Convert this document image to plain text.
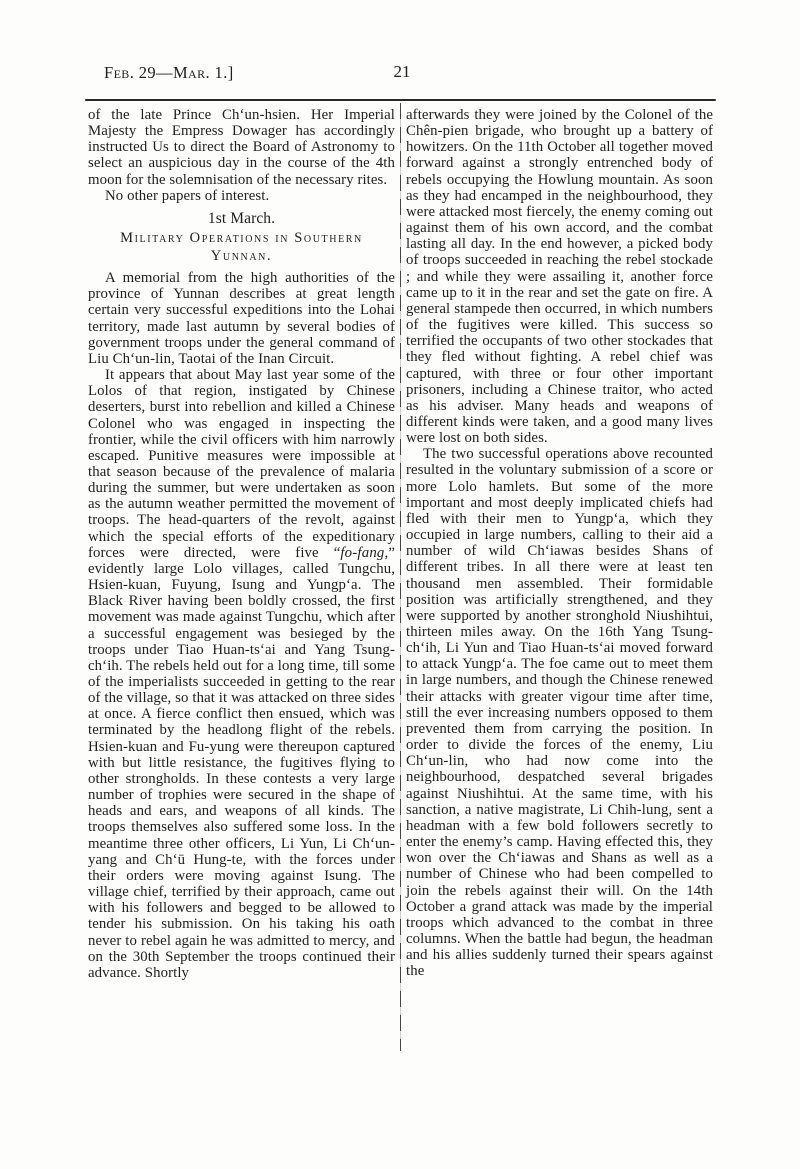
Feb. 29—Mar. 1.]	21

of the late Prince Ch‘un-hsien. Her Imperial Majesty the Empress Dowager has accordingly instructed Us to direct the Board of Astronomy to select an auspicious day in the course of the 4th moon for the solemnisation of the necessary rites.

No other papers of interest.

1st March.

Military Operations in Southern
Yunnan.

A memorial from the high authorities of the province of Yunnan describes at great length certain very successful expeditions into the Lohai territory, made last autumn by several bodies of government troops under the general command of Liu Ch‘un-lin, Taotai of the Inan Circuit.

It appears that about May last year some of the Lolos of that region, instigated by Chinese deserters, burst into rebellion and killed a Chinese Colonel who was engaged in inspecting the frontier, while the civil officers with him narrowly escaped. Punitive measures were impossible at that season because of the prevalence of malaria during the summer, but were undertaken as soon as the autumn weather permitted the movement of troops. The head-quarters of the revolt, against which the special efforts of the expeditionary forces were directed, were five “fo-fang,” evidently large Lolo villages, called Tungchu, Hsien-kuan, Fuyung, Isung and Yungp‘a. The Black River having been boldly crossed, the first movement was made against Tungchu, which after a successful engagement was besieged by the troops under Tiao Huan-ts‘ai and Yang Tsung-ch‘ih. The rebels held out for a long time, till some of the imperialists succeeded in getting to the rear of the village, so that it was attacked on three sides at once. A fierce conflict then ensued, which was terminated by the headlong flight of the rebels. Hsien-kuan and Fu-yung were thereupon captured with but little resistance, the fugitives flying to other strongholds. In these contests a very large number of trophies were secured in the shape of heads and ears, and weapons of all kinds. The troops themselves also suffered some loss. In the meantime three other officers, Li Yun, Li Ch‘un-yang and Ch‘ū Hung-te, with the forces under their orders were moving against Isung. The village chief, terrified by their approach, came out with his followers and begged to be allowed to tender his submission. On his taking his oath never to rebel again he was admitted to mercy, and on the 30th September the troops continued their advance. Shortly

afterwards they were joined by the Colonel of the Chên-pien brigade, who brought up a battery of howitzers. On the 11th October all together moved forward against a strongly entrenched body of rebels occupying the Howlung mountain. As soon as they had encamped in the neighbourhood, they were attacked most fiercely, the enemy coming out against them of his own accord, and the combat lasting all day. In the end however, a picked body of troops succeeded in reaching the rebel stockade ; and while they were assailing it, another force came up to it in the rear and set the gate on fire. A general stampede then occurred, in which numbers of the fugitives were killed. This success so terrified the occupants of two other stockades that they fled without fighting. A rebel chief was captured, with three or four other important prisoners, including a Chinese traitor, who acted as his adviser. Many heads and weapons of different kinds were taken, and a good many lives were lost on both sides.

The two successful operations above recounted resulted in the voluntary submission of a score or more Lolo hamlets. But some of the more important and most deeply implicated chiefs had fled with their men to Yungp‘a, which they occupied in large numbers, calling to their aid a number of wild Ch‘iawas besides Shans of different tribes. In all there were at least ten thousand men assembled. Their formidable position was artificially strengthened, and they were supported by another stronghold Niushihtui, thirteen miles away. On the 16th Yang Tsung-ch‘ih, Li Yun and Tiao Huan-ts‘ai moved forward to attack Yungp‘a. The foe came out to meet them in large numbers, and though the Chinese renewed their attacks with greater vigour time after time, still the ever increasing numbers opposed to them prevented them from carrying the position. In order to divide the forces of the enemy, Liu Ch‘un-lin, who had now come into the neighbourhood, despatched several brigades against Niushihtui. At the same time, with his sanction, a native magistrate, Li Chih-lung, sent a headman with a few bold followers secretly to enter the enemy’s camp. Having effected this, they won over the Ch‘iawas and Shans as well as a number of Chinese who had been compelled to join the rebels against their will. On the 14th October a grand attack was made by the imperial troops which advanced to the combat in three columns. When the battle had begun, the headman and his allies suddenly turned their spears against the
